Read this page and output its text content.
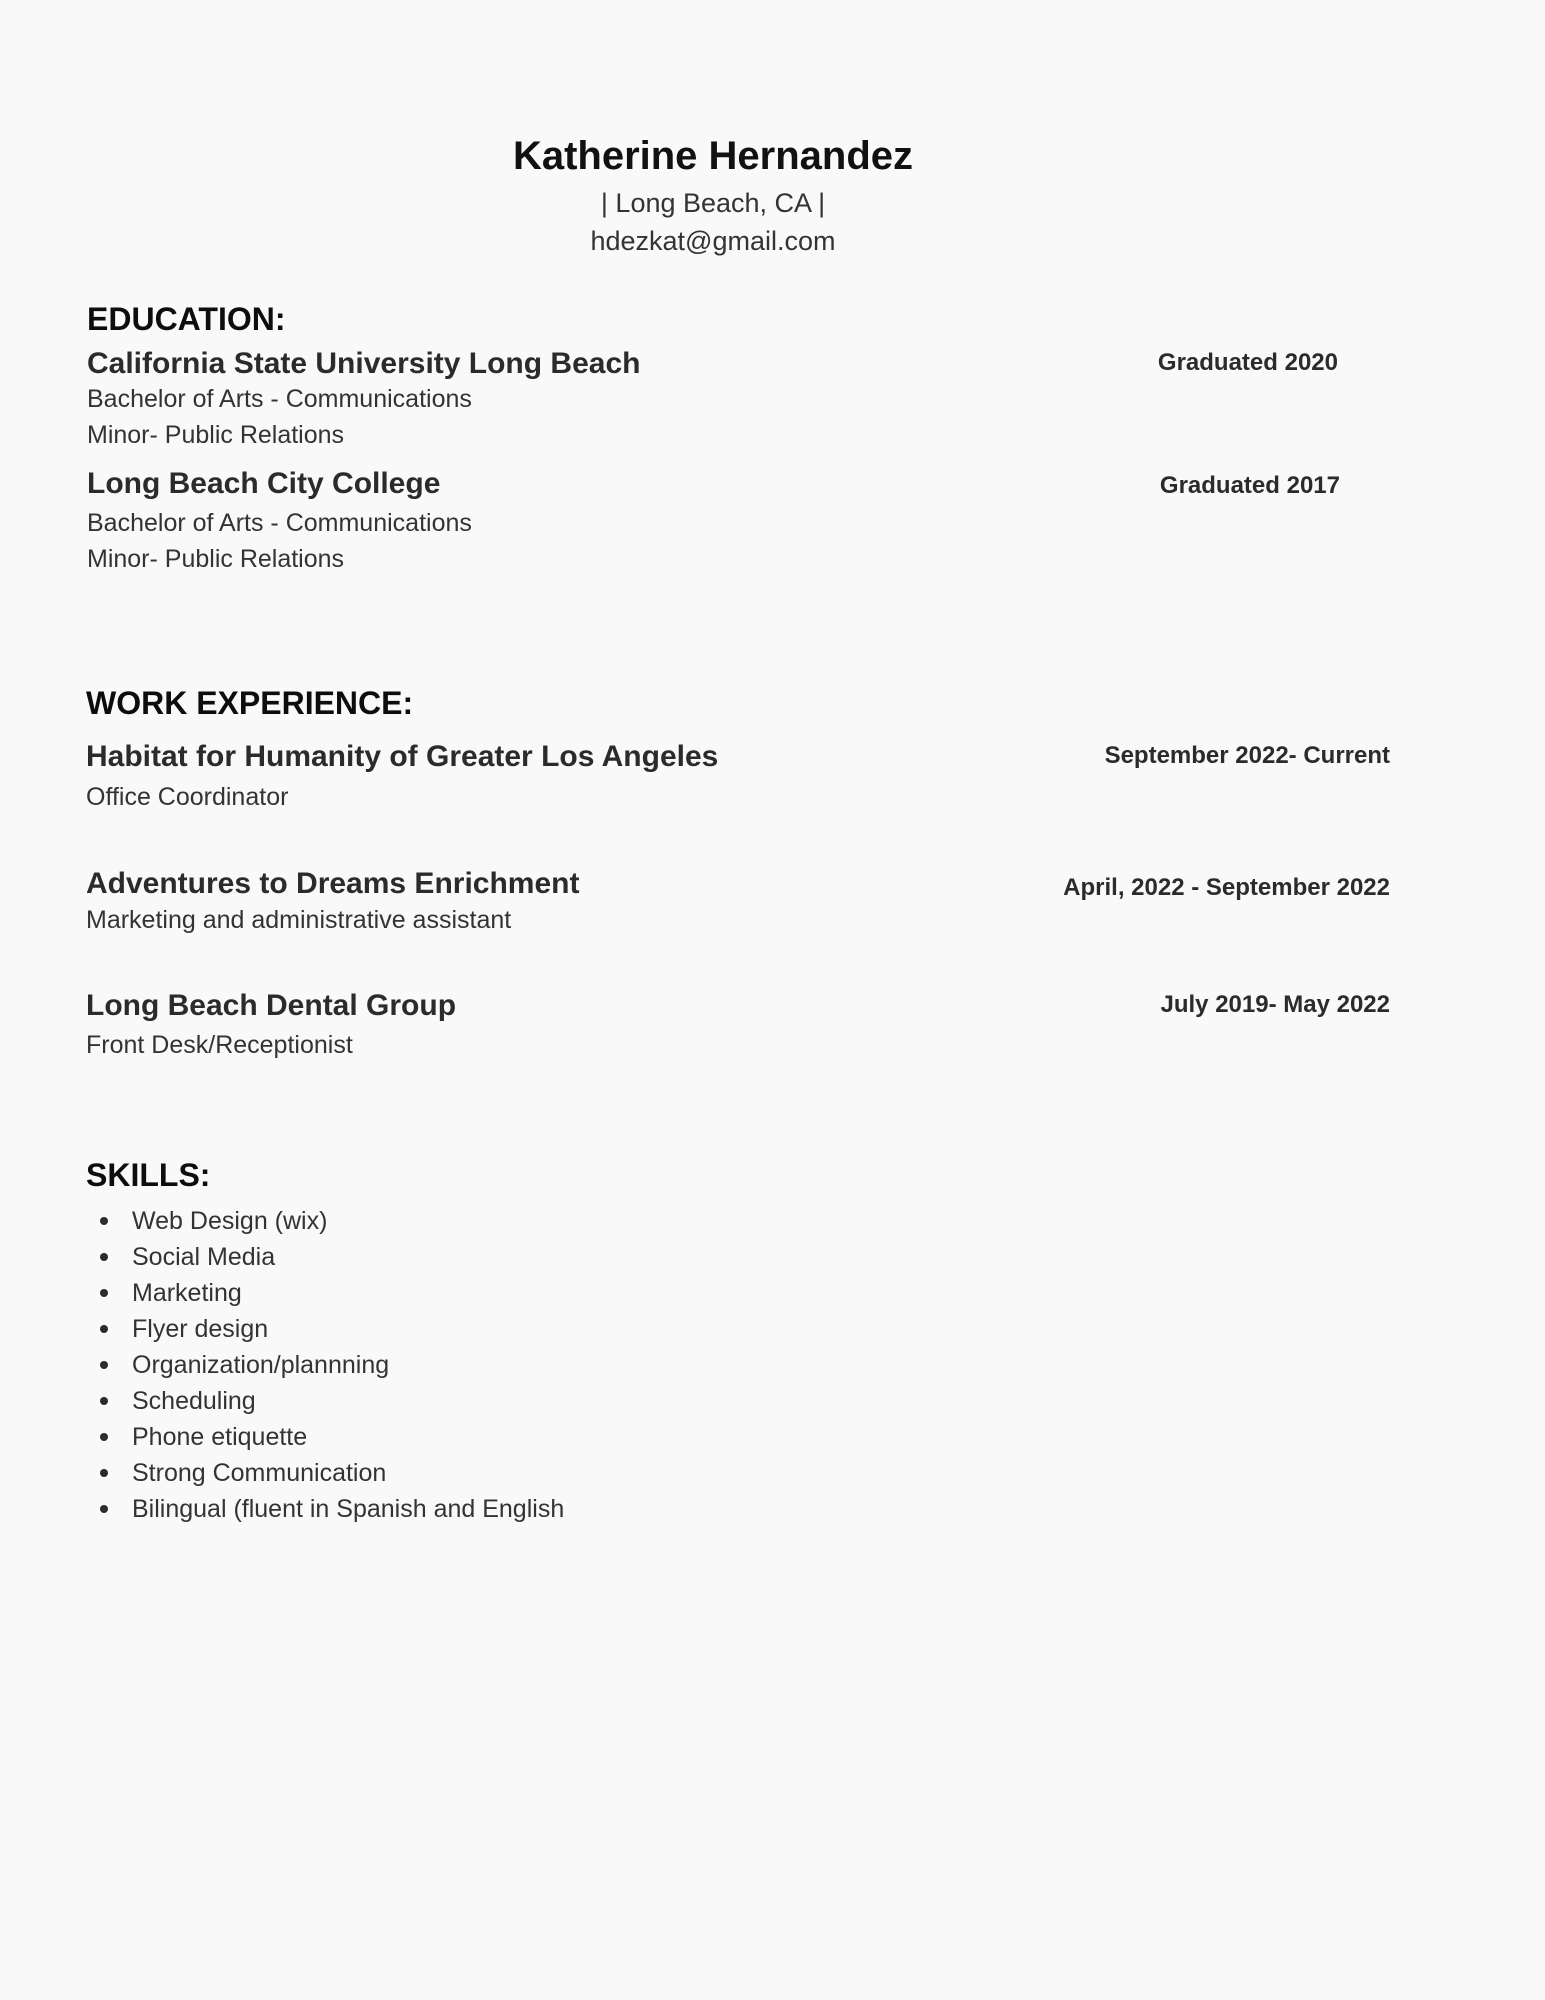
Katherine Hernandez
| Long Beach, CA |
hdezkat@gmail.com
EDUCATION:
California State University Long Beach	Graduated 2020
Bachelor of Arts - Communications
Minor- Public Relations
Long Beach City College	Graduated 2017
Bachelor of Arts - Communications
Minor- Public Relations
WORK EXPERIENCE:
Habitat for Humanity of Greater Los Angeles	September 2022- Current
Office Coordinator
Adventures to Dreams Enrichment	April, 2022 - September 2022
Marketing and administrative assistant
Long Beach Dental Group	July 2019- May 2022
Front Desk/Receptionist
SKILLS:
Web Design (wix)
Social Media
Marketing
Flyer design
Organization/plannning
Scheduling
Phone etiquette
Strong Communication
Bilingual (fluent in Spanish and English
